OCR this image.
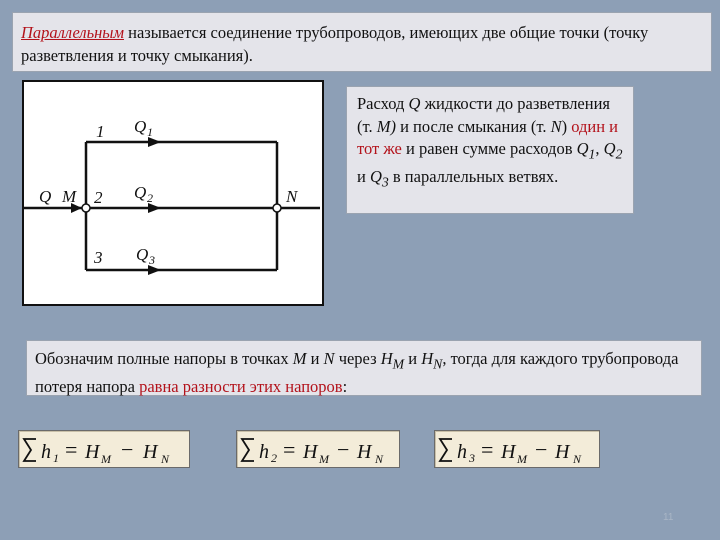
Параллельным называется соединение трубопроводов, имеющих две общие точки (точку разветвления и точку смыкания).
1 Q 1
2 Q 2
3 Q 3
Q M	N
Расход Q жидкости до разветвления (т. M) и после смыкания (т. N) один и тот же и равен сумме расходов $Q_1$, $Q_2$ и $Q_3$ в параллельных ветвях.
Обозначим полные напоры в точках M и N через $H_M$ и $H_N$, тогда для каждого трубопровода потеря напора равна разности этих напоров:
h 1 = H M − H N	h 2 = H M − H N	h 3 = H M − H N
11
